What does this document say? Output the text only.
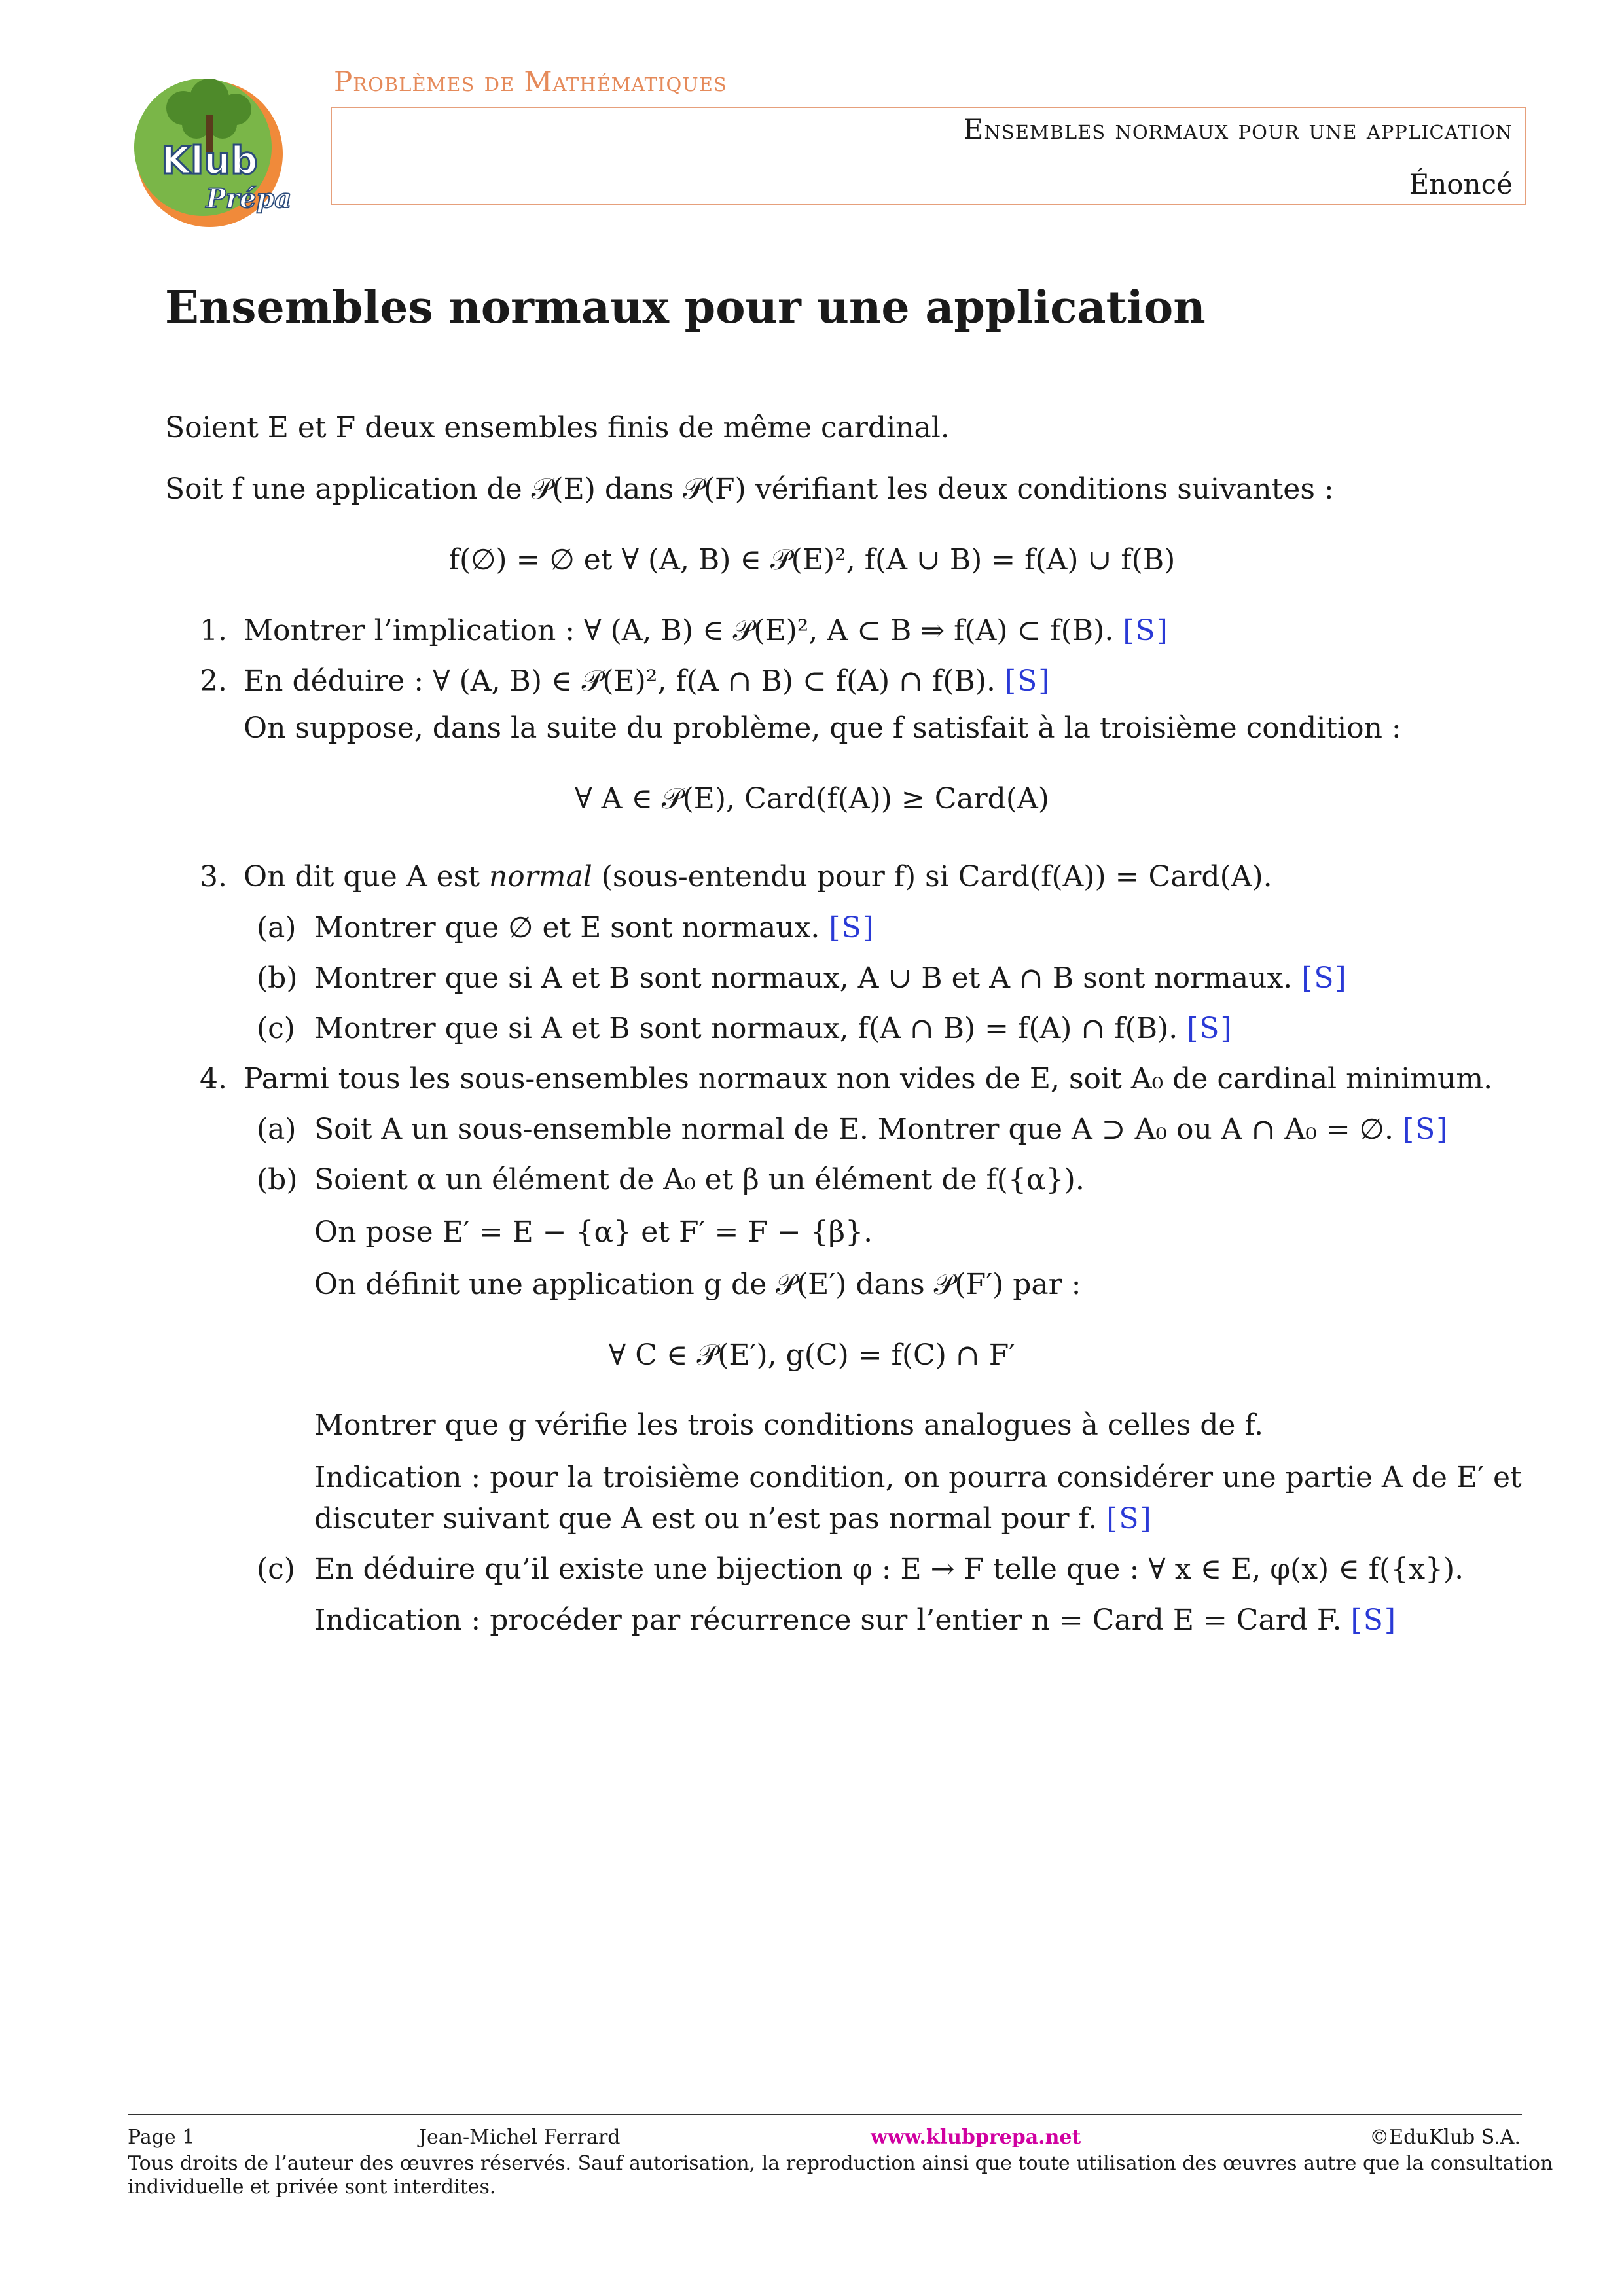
Klub
Prépa
Problèmes de Mathématiques
Ensembles normaux pour une application
Énoncé
Ensembles normaux pour une application
Soient E et F deux ensembles finis de même cardinal.
Soit f une application de 𝒫(E) dans 𝒫(F) vérifiant les deux conditions suivantes :
f(∅) = ∅ et ∀ (A, B) ∈ 𝒫(E)², f(A ∪ B) = f(A) ∪ f(B)
1. Montrer l’implication : ∀ (A, B) ∈ 𝒫(E)², A ⊂ B ⇒ f(A) ⊂ f(B). [S]
2. En déduire : ∀ (A, B) ∈ 𝒫(E)², f(A ∩ B) ⊂ f(A) ∩ f(B). [S]
On suppose, dans la suite du problème, que f satisfait à la troisième condition :
∀ A ∈ 𝒫(E), Card(f(A)) ≥ Card(A)
3. On dit que A est normal (sous-entendu pour f) si Card(f(A)) = Card(A).
(a) Montrer que ∅ et E sont normaux. [S]
(b) Montrer que si A et B sont normaux, A ∪ B et A ∩ B sont normaux. [S]
(c) Montrer que si A et B sont normaux, f(A ∩ B) = f(A) ∩ f(B). [S]
4. Parmi tous les sous-ensembles normaux non vides de E, soit A₀ de cardinal minimum.
(a) Soit A un sous-ensemble normal de E. Montrer que A ⊃ A₀ ou A ∩ A₀ = ∅. [S]
(b) Soient α un élément de A₀ et β un élément de f({α}).
On pose E′ = E − {α} et F′ = F − {β}.
On définit une application g de 𝒫(E′) dans 𝒫(F′) par :
∀ C ∈ 𝒫(E′), g(C) = f(C) ∩ F′
Montrer que g vérifie les trois conditions analogues à celles de f.
Indication : pour la troisième condition, on pourra considérer une partie A de E′ et
discuter suivant que A est ou n’est pas normal pour f. [S]
(c) En déduire qu’il existe une bijection φ : E → F telle que : ∀ x ∈ E, φ(x) ∈ f({x}).
Indication : procéder par récurrence sur l’entier n = Card E = Card F. [S]
Page 1	Jean-Michel Ferrard	www.klubprepa.net	©EduKlub S.A.
Tous droits de l’auteur des œuvres réservés. Sauf autorisation, la reproduction ainsi que toute utilisation des œuvres autre que la consultation
individuelle et privée sont interdites.
